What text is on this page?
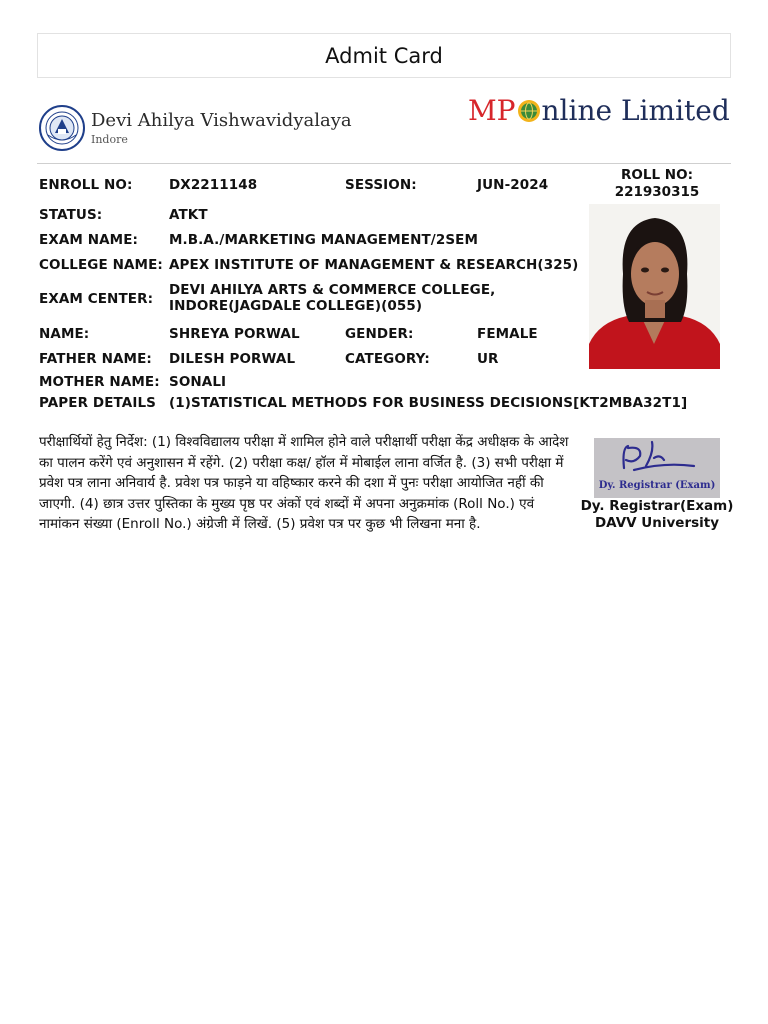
Admit Card
Devi Ahilya Vishwavidyalaya
Indore
MP nline Limited
ENROLL NO:	DX2211148	SESSION:	JUN-2024
ROLL NO:
221930315
STATUS:	ATKT
EXAM NAME: M.B.A./MARKETING MANAGEMENT/2SEM
COLLEGE NAME: APEX INSTITUTE OF MANAGEMENT & RESEARCH(325)
EXAM CENTER:
DEVI AHILYA ARTS & COMMERCE COLLEGE,
INDORE(JAGDALE COLLEGE)(055)
NAME:	SHREYA PORWAL	GENDER:	FEMALE
FATHER NAME: DILESH PORWAL	CATEGORY:	UR
MOTHER NAME: SONALI
PAPER DETAILS (1)STATISTICAL METHODS FOR BUSINESS DECISIONS[KT2MBA32T1]
परीक्षार्थियों हेतु निर्देश: (1) विश्वविद्यालय परीक्षा में शामिल होने वाले परीक्षार्थी परीक्षा केंद्र अधीक्षक के आदेश का पालन करेंगे एवं अनुशासन में रहेंगे. (2) परीक्षा कक्ष/ हॉल में मोबाईल लाना वर्जित है. (3) सभी परीक्षा में प्रवेश पत्र लाना अनिवार्य है. प्रवेश पत्र फाड़ने या वहिष्कार करने की दशा में पुनः परीक्षा आयोजित नहीं की जाएगी. (4) छात्र उत्तर पुस्तिका के मुख्य पृष्ठ पर अंकों एवं शब्दों में अपना अनुक्रमांक (Roll No.) एवं नामांकन संख्या (Enroll No.) अंग्रेजी में लिखें. (5) प्रवेश पत्र पर कुछ भी लिखना मना है.
Dy. Registrar (Exam)
Dy. Registrar(Exam)
DAVV University
